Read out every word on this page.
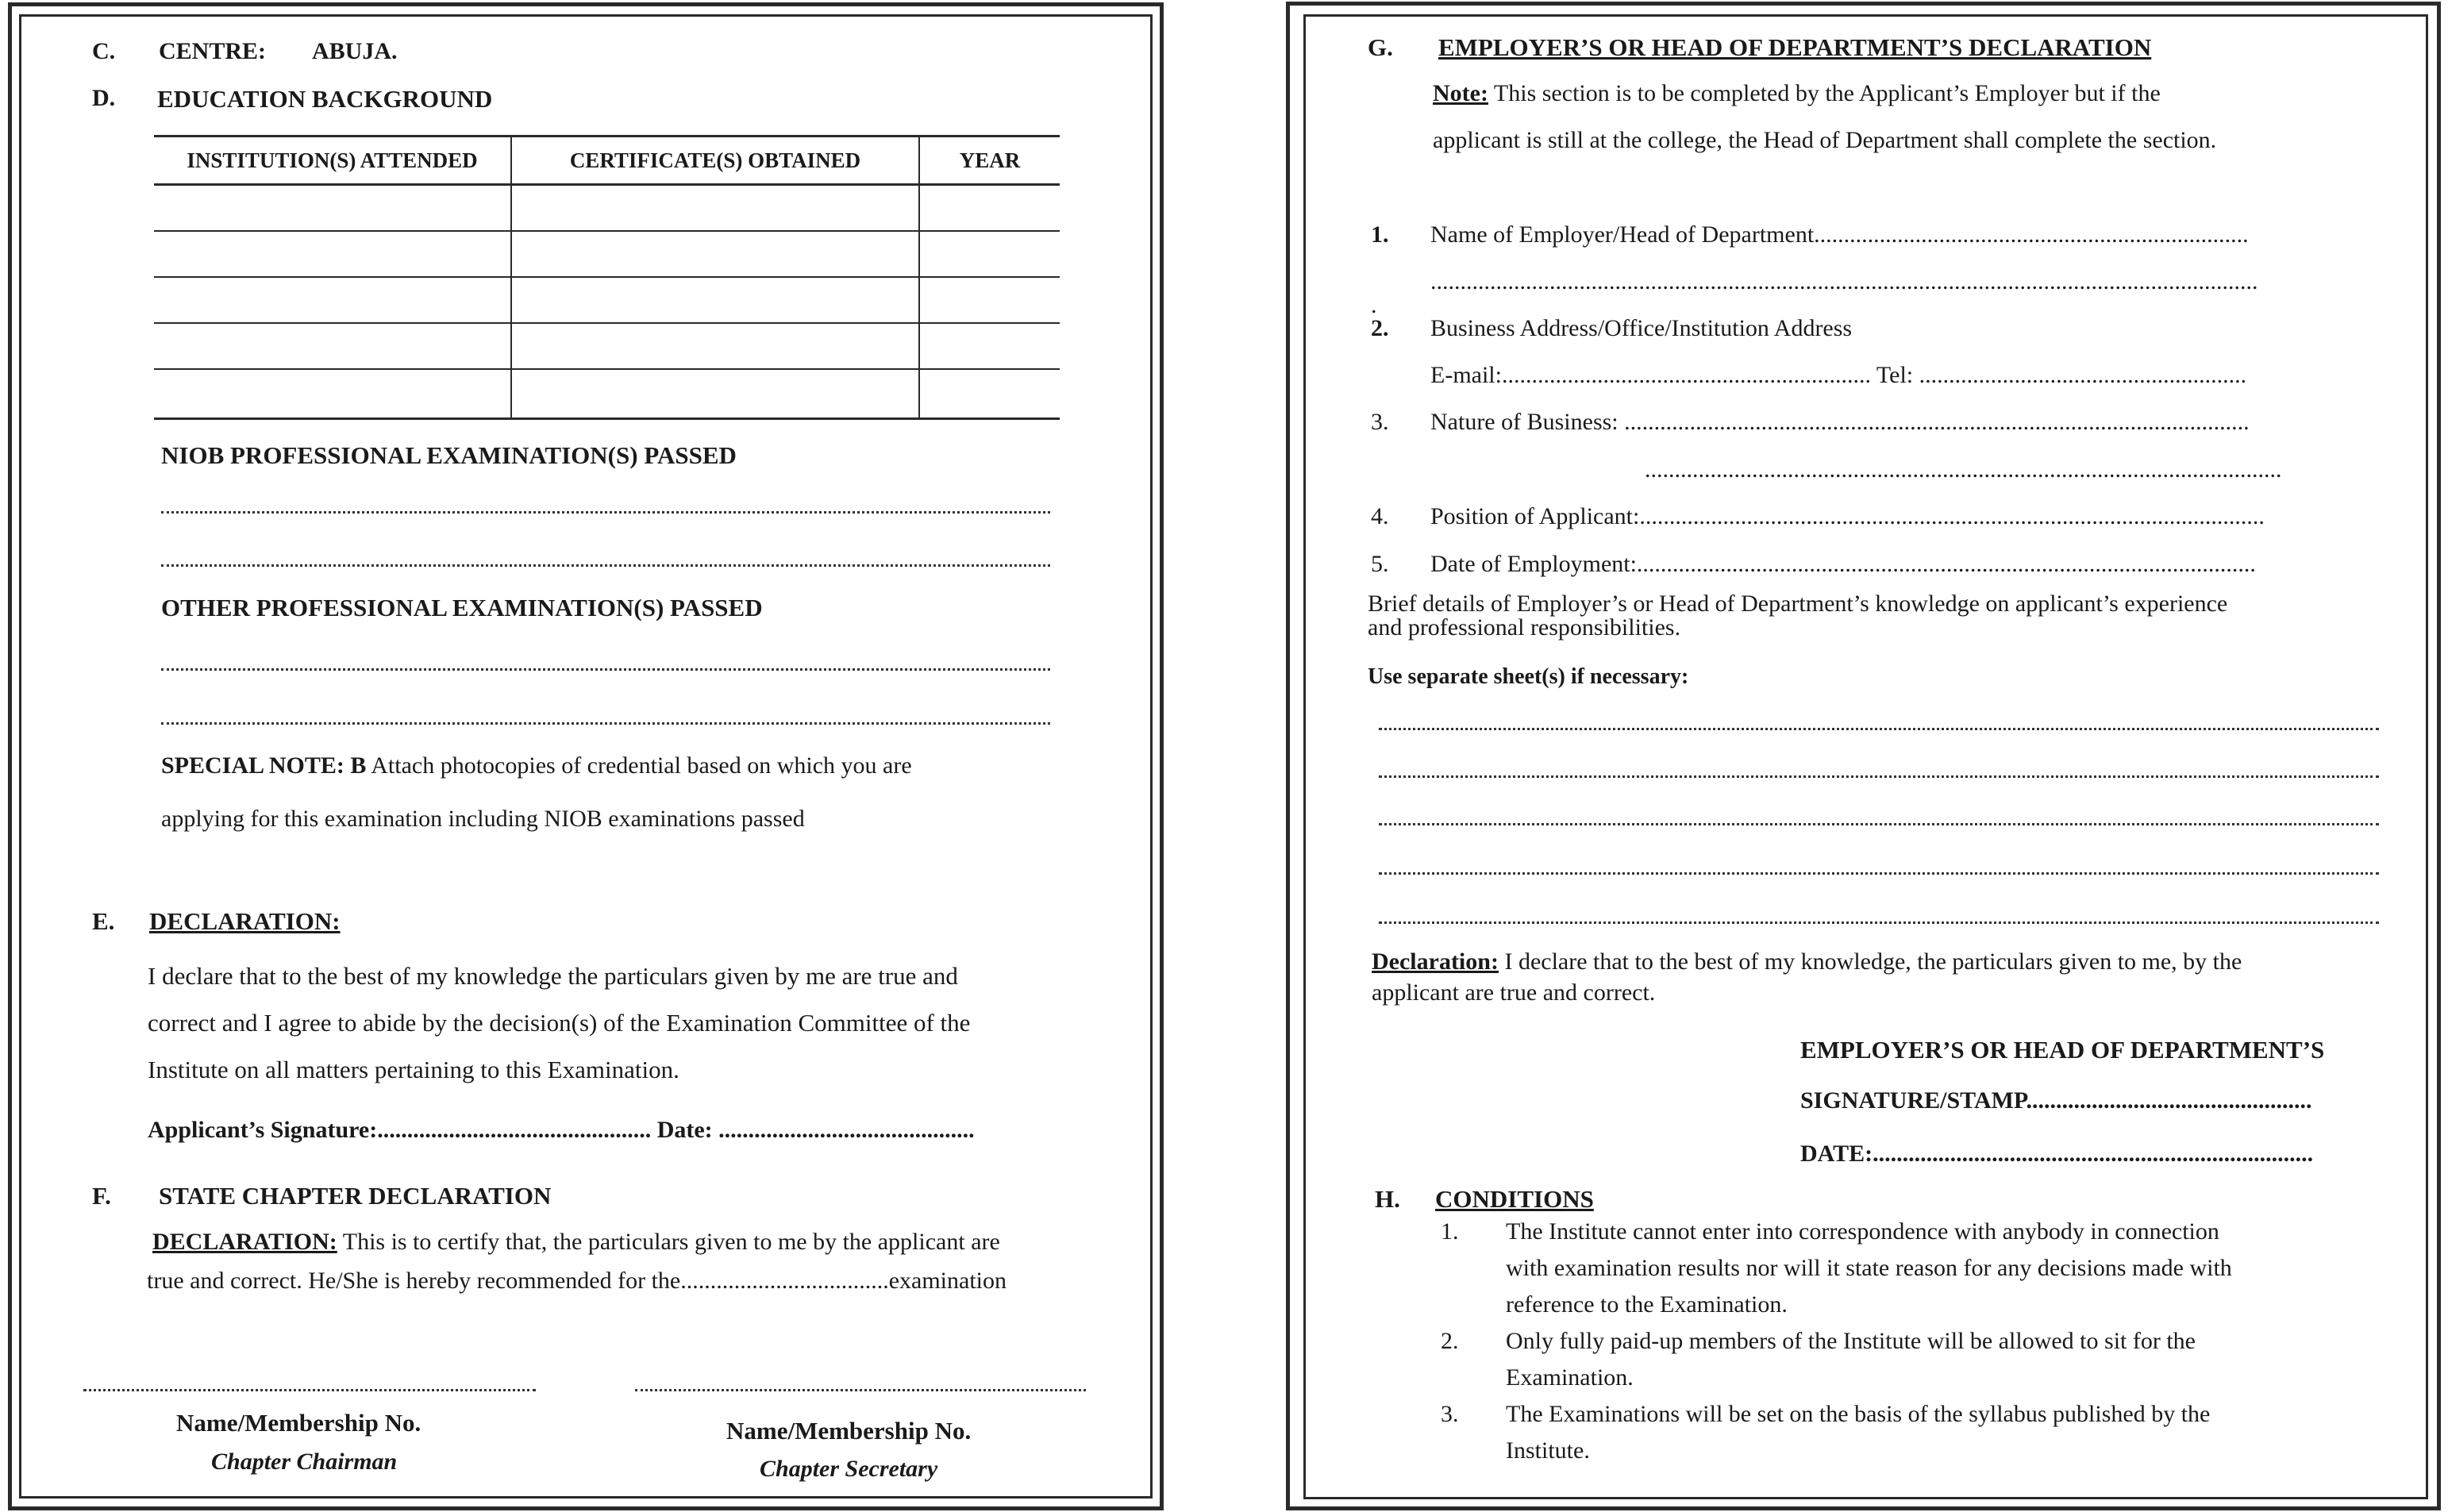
C. CENTRE: ABUJA.
D. EDUCATION BACKGROUND
INSTITUTION(S) ATTENDED	CERTIFICATE(S) OBTAINED	YEAR

NIOB PROFESSIONAL EXAMINATION(S) PASSED
OTHER PROFESSIONAL EXAMINATION(S) PASSED
SPECIAL NOTE: B Attach photocopies of credential based on which you are
applying for this examination including NIOB examinations passed
E. DECLARATION:
I declare that to the best of my knowledge the particulars given by me are true and
correct and I agree to abide by the decision(s) of the Examination Committee of the
Institute on all matters pertaining to this Examination.
Applicant’s Signature:.............................................. Date: ...........................................
F. STATE CHAPTER DECLARATION
DECLARATION: This is to certify that, the particulars given to me by the applicant are
true and correct. He/She is hereby recommended for the...................................examination
Name/Membership No.
Chapter Chairman
Name/Membership No.
Chapter Secretary
G. EMPLOYER’S OR HEAD OF DEPARTMENT’S DECLARATION
Note: This section is to be completed by the Applicant’s Employer but if the
applicant is still at the college, the Head of Department shall complete the section.
1. Name of Employer/Head of Department.........................................................................
...........................................................................................................................................
.
2. Business Address/Office/Institution Address
E-mail:.............................................................. Tel: .......................................................
3. Nature of Business: .........................................................................................................
...........................................................................................................
4. Position of Applicant:.........................................................................................................
5. Date of Employment:........................................................................................................
Brief details of Employer’s or Head of Department’s knowledge on applicant’s experience
and professional responsibilities.
Use separate sheet(s) if necessary:
Declaration: I declare that to the best of my knowledge, the particulars given to me, by the
applicant are true and correct.
EMPLOYER’S OR HEAD OF DEPARTMENT’S
SIGNATURE/STAMP................................................
DATE:..........................................................................
H. CONDITIONS
1. The Institute cannot enter into correspondence with anybody in connection
with examination results nor will it state reason for any decisions made with
reference to the Examination.
2. Only fully paid-up members of the Institute will be allowed to sit for the
Examination.
3. The Examinations will be set on the basis of the syllabus published by the
Institute.
